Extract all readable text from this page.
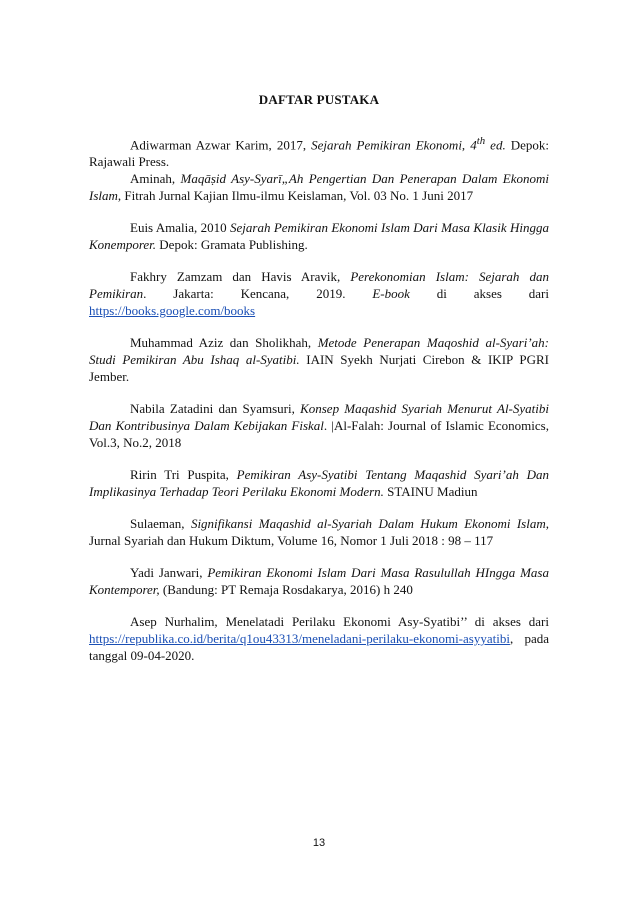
DAFTAR PUSTAKA

Adiwarman Azwar Karim, 2017, Sejarah Pemikiran Ekonomi, 4th ed. Depok: Rajawali Press.

Aminah, Maqāṣid Asy-Syarī„Ah Pengertian Dan Penerapan Dalam Ekonomi Islam, Fitrah Jurnal Kajian Ilmu-ilmu Keislaman, Vol. 03 No. 1 Juni 2017

Euis Amalia, 2010 Sejarah Pemikiran Ekonomi Islam Dari Masa Klasik Hingga Konemporer. Depok: Gramata Publishing.

Fakhry Zamzam dan Havis Aravik, Perekonomian Islam: Sejarah dan Pemikiran. Jakarta: Kencana, 2019. E-book di akses dari https://books.google.com/books

Muhammad Aziz dan Sholikhah, Metode Penerapan Maqoshid al-Syari’ah: Studi Pemikiran Abu Ishaq al-Syatibi. IAIN Syekh Nurjati Cirebon & IKIP PGRI Jember.

Nabila Zatadini dan Syamsuri, Konsep Maqashid Syariah Menurut Al-Syatibi Dan Kontribusinya Dalam Kebijakan Fiskal. |Al-Falah: Journal of Islamic Economics, Vol.3, No.2, 2018

Ririn Tri Puspita, Pemikiran Asy-Syatibi Tentang Maqashid Syari’ah Dan Implikasinya Terhadap Teori Perilaku Ekonomi Modern. STAINU Madiun

Sulaeman, Signifikansi Maqashid al-Syariah Dalam Hukum Ekonomi Islam, Jurnal Syariah dan Hukum Diktum, Volume 16, Nomor 1 Juli 2018 : 98 – 117

Yadi Janwari, Pemikiran Ekonomi Islam Dari Masa Rasulullah HIngga Masa Kontemporer, (Bandung: PT Remaja Rosdakarya, 2016) h 240

Asep Nurhalim, Menelatadi Perilaku Ekonomi Asy-Syatibi’’ di akses dari https://republika.co.id/berita/q1ou43313/meneladani-perilaku-ekonomi-asyyatibi, pada tanggal 09-04-2020.

13
